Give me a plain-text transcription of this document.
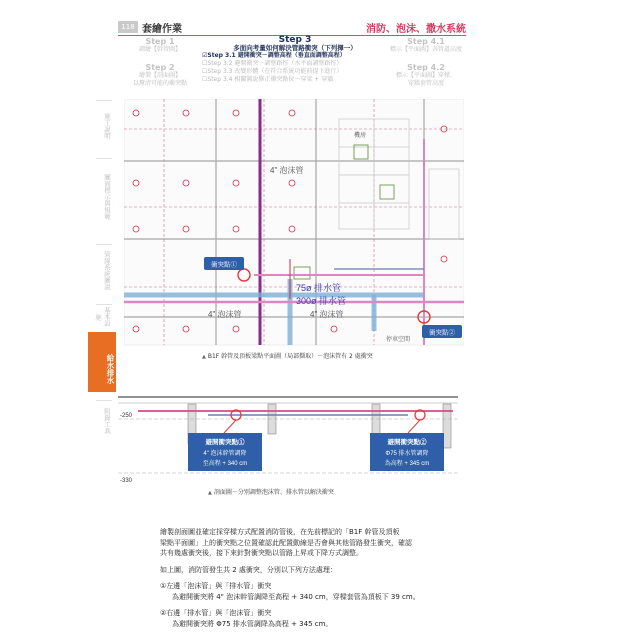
118 套繪作業	消防、泡沫、撒水系統
Step 1
調繪【幹管圖】
Step 2
繪製【剖面圖】
以釐清可能的衝突點
Step 3
多面向考量如何解決管路衝突（下列擇一）
☑Step 3.1 避開衝突－調整高程（垂直面調整高程）
☐Step 3.2 避開衝突－調整路徑（水平面調整路徑）
☐Step 3.3 改變形體（在符合系統功能前提下進行）
☐Step 3.4 相關圖說修正衝突點位－穿梁 + 穿牆
Step 4.1
標示【平面圖】各管道高度
Step 4.2
標示【平面圖】穿樑、
穿牆套管高度
施工說明
圖面標示與規範
管線系統圖說
基本設施
給水排水
附錄工具
75ø 排水管
300ø 排水管
4" 泡沫管	4" 泡沫管
4" 泡沫管
停車空間
機房
衝突點①
衝突點②
▲ B1F 幹管及頂板梁點平面圖（局部擷取）－泡沫管有 2 處衝突
-250
-330
避開衝突點①
4" 泡沫幹管調降
至高程 + 340 cm
避開衝突點②
Φ75 排水管調降
為高程 + 345 cm
▲ 剖面圖－分別調整泡沫管、排水管以解決衝突

繪製剖面圖並確定採穿樑方式配置消防管後，在先前標記的「B1F 幹管及頂板

梁點平面圖」上的衝突點之位置確認此配置動線是否會與其他管路發生衝突，確認

共有幾處衝突後，接下來針對衝突點以管路上昇或下降方式調整。

如上圖，消防管發生共 2 處衝突，分別以下列方法處理：

①左邊「泡沫管」與「排水管」衝突

為避開衝突將 4" 泡沫幹管調降至高程 + 340 cm，穿樑套管為頂板下 39 cm。

②右邊「排水管」與「泡沫管」衝突

為避開衝突將 Φ75 排水管調降為高程 + 345 cm。
